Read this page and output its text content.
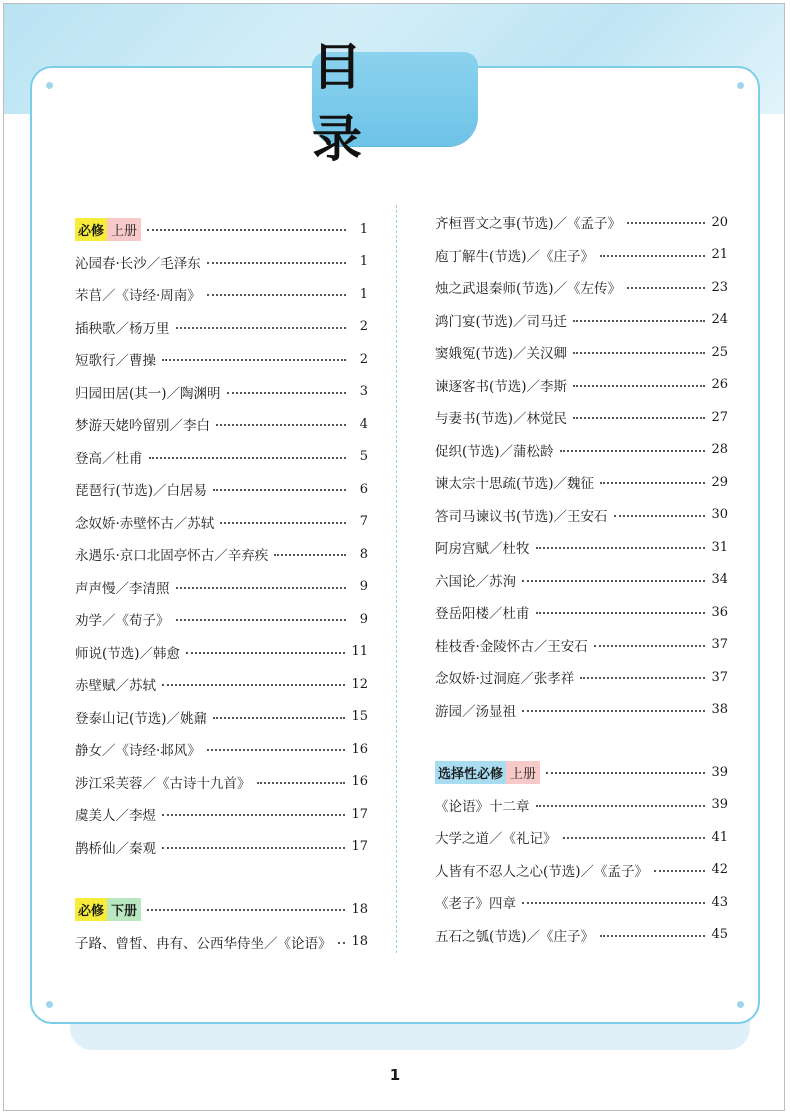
目 录
必修 上册	1
沁园春·长沙／毛泽东	1
芣苢／《诗经·周南》	1
插秧歌／杨万里	2
短歌行／曹操	2
归园田居(其一)／陶渊明	3
梦游天姥吟留别／李白	4
登高／杜甫	5
琵琶行(节选)／白居易	6
念奴娇·赤壁怀古／苏轼	7
永遇乐·京口北固亭怀古／辛弃疾	8
声声慢／李清照	9
劝学／《荀子》	9
师说(节选)／韩愈	11
赤壁赋／苏轼	12
登泰山记(节选)／姚鼐	15
静女／《诗经·邶风》	16
涉江采芙蓉／《古诗十九首》	16
虞美人／李煜	17
鹊桥仙／秦观	17
必修 下册	18
子路、曾皙、冉有、公西华侍坐／《论语》 18
齐桓晋文之事(节选)／《孟子》	20
庖丁解牛(节选)／《庄子》	21
烛之武退秦师(节选)／《左传》	23
鸿门宴(节选)／司马迁	24
窦娥冤(节选)／关汉卿	25
谏逐客书(节选)／李斯	26
与妻书(节选)／林觉民	27
促织(节选)／蒲松龄	28
谏太宗十思疏(节选)／魏征	29
答司马谏议书(节选)／王安石	30
阿房宫赋／杜牧	31
六国论／苏洵	34
登岳阳楼／杜甫	36
桂枝香·金陵怀古／王安石	37
念奴娇·过洞庭／张孝祥	37
游园／汤显祖	38
选择性必修 上册	39
《论语》十二章	39
大学之道／《礼记》	41
人皆有不忍人之心(节选)／《孟子》	42
《老子》四章	43
五石之瓠(节选)／《庄子》	45
1
